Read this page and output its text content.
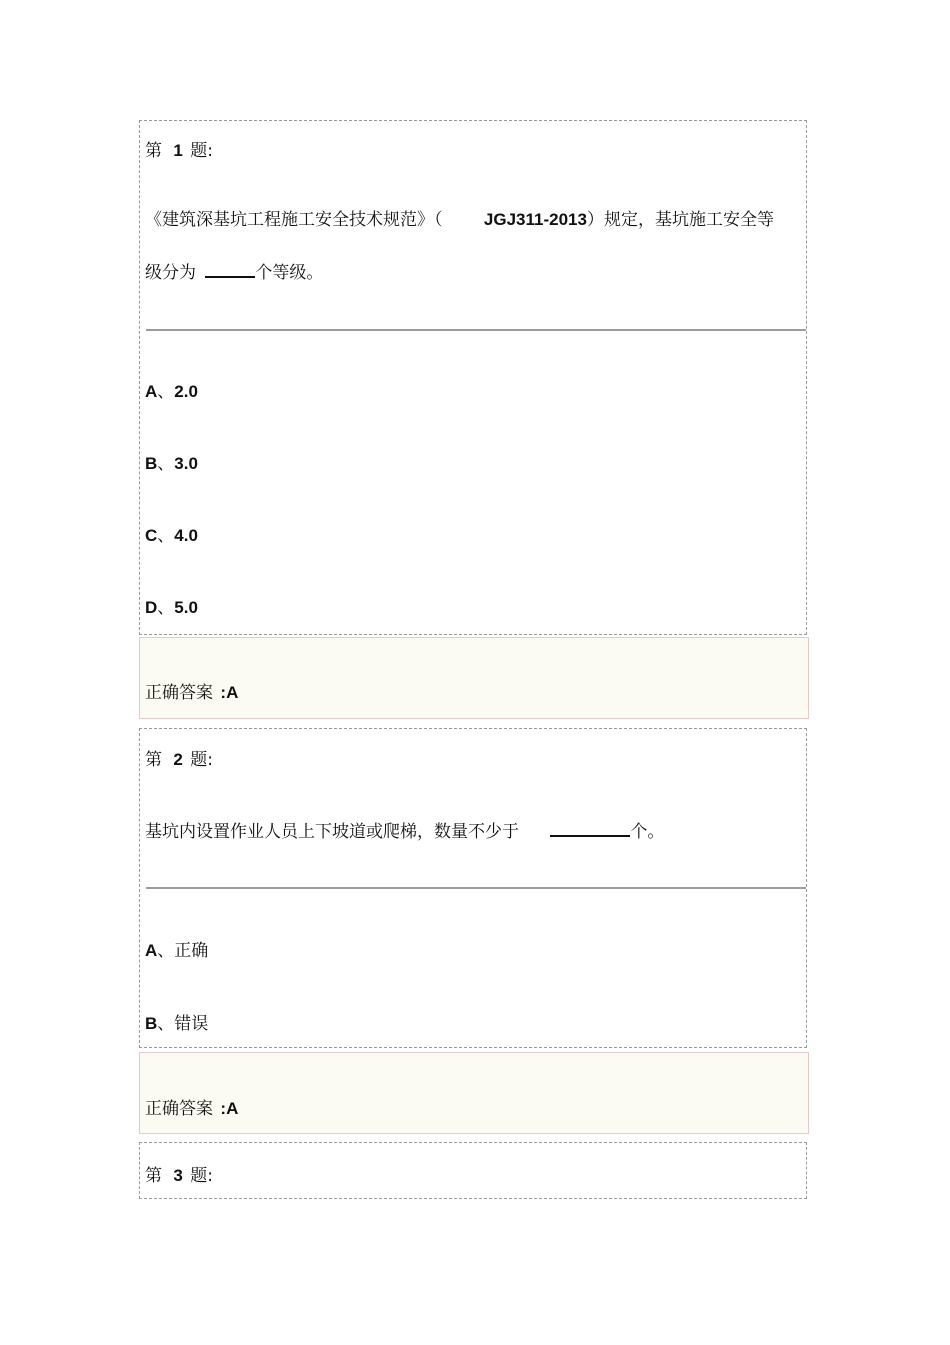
第 1 题:
《建筑深基坑工程施工安全技术规范》（ JGJ311-2013）规定，基坑施工安全等
级分为	个等级。
A、2.0
B、3.0
C、4.0
D、5.0
正确答案 :A
第 2 题:
基坑内设置作业人员上下坡道或爬梯，数量不少于	个。
A、正确
B、错误
正确答案 :A
第 3 题:
